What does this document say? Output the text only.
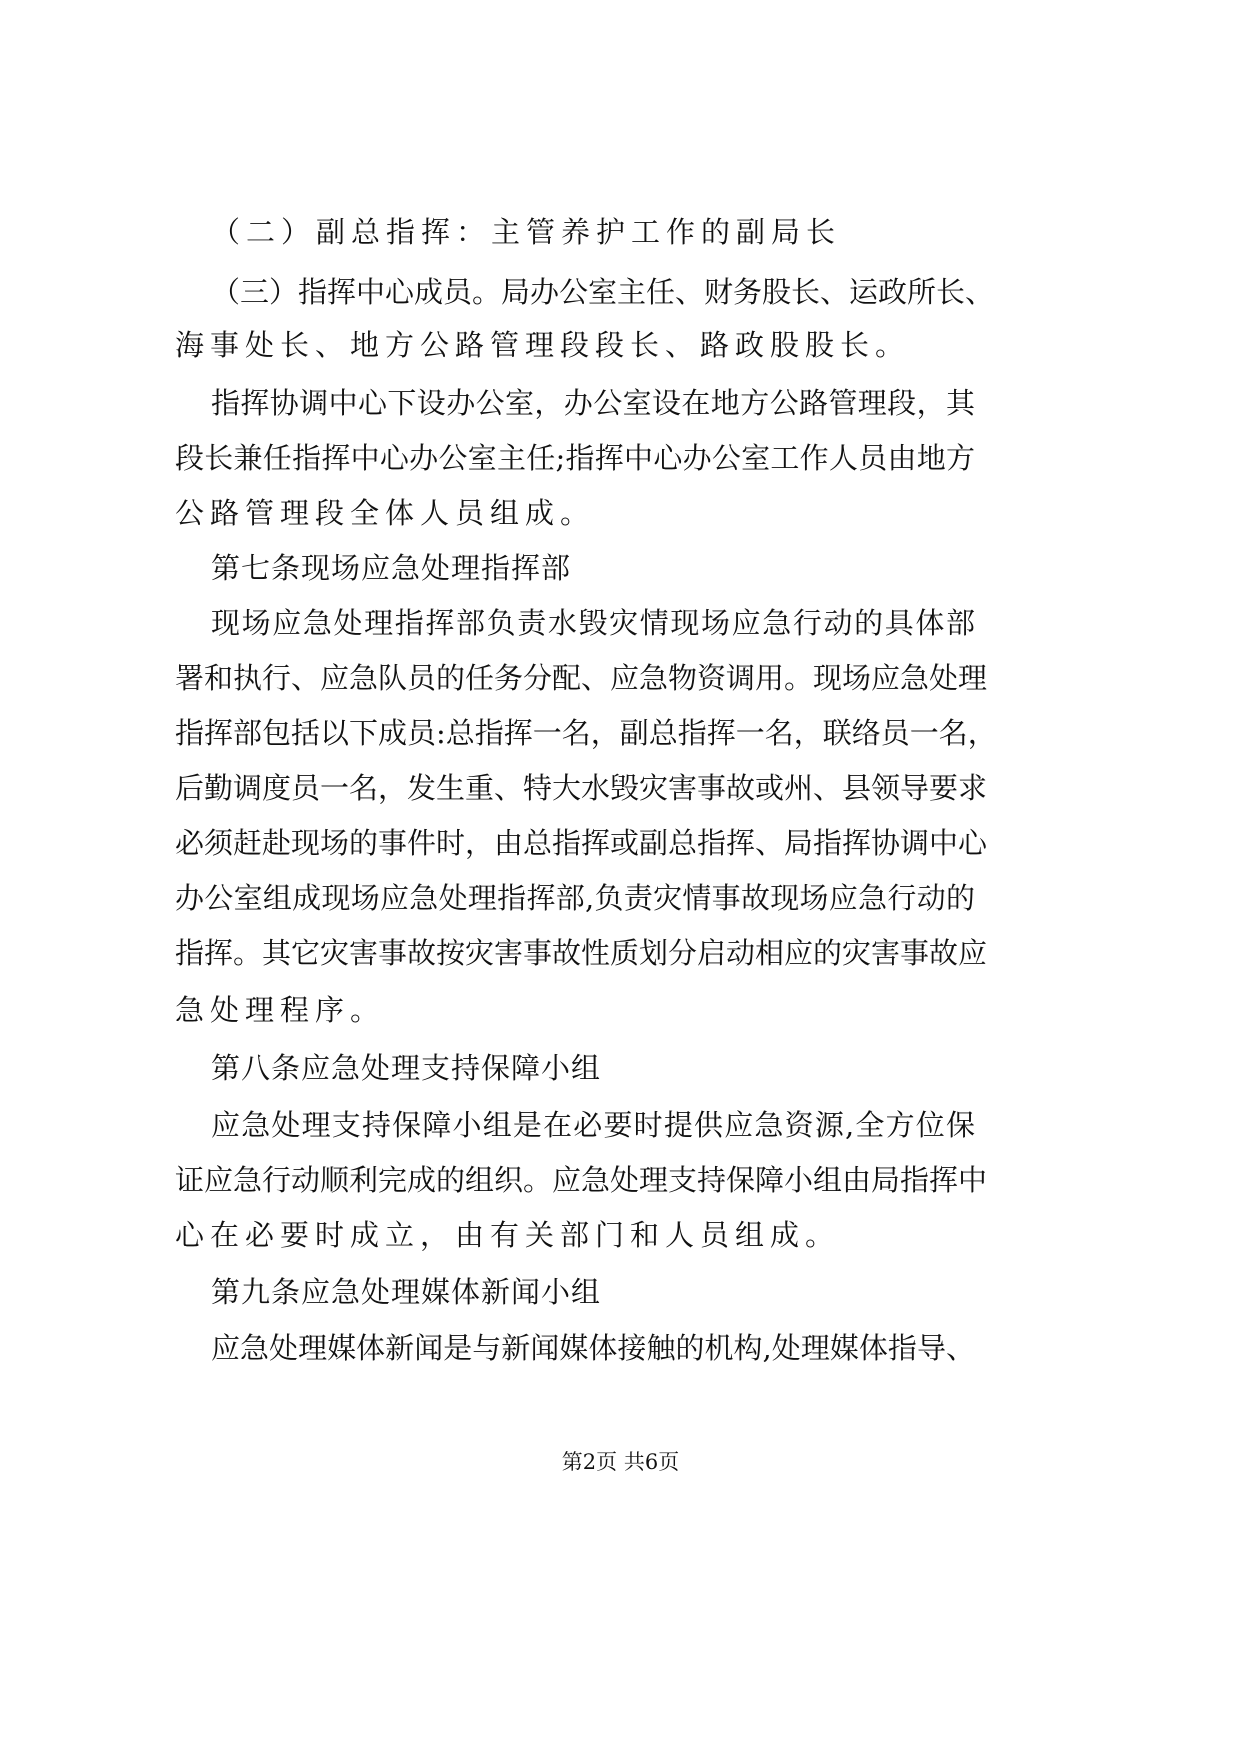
（二）副总指挥：主管养护工作的副局长
（三）指挥中心成员。局办公室主任、财务股长、运政所长、
海事处长、地方公路管理段段长、路政股股长。
指挥协调中心下设办公室，办公室设在地方公路管理段，其
段长兼任指挥中心办公室主任;指挥中心办公室工作人员由地方
公路管理段全体人员组成。
第七条现场应急处理指挥部
现场应急处理指挥部负责水毁灾情现场应急行动的具体部
署和执行、应急队员的任务分配、应急物资调用。现场应急处理
指挥部包括以下成员:总指挥一名，副总指挥一名，联络员一名，
后勤调度员一名，发生重、特大水毁灾害事故或州、县领导要求
必须赶赴现场的事件时，由总指挥或副总指挥、局指挥协调中心
办公室组成现场应急处理指挥部,负责灾情事故现场应急行动的
指挥。其它灾害事故按灾害事故性质划分启动相应的灾害事故应
急处理程序。
第八条应急处理支持保障小组
应急处理支持保障小组是在必要时提供应急资源,全方位保
证应急行动顺利完成的组织。应急处理支持保障小组由局指挥中
心在必要时成立，由有关部门和人员组成。
第九条应急处理媒体新闻小组
应急处理媒体新闻是与新闻媒体接触的机构,处理媒体指导、
第2页 共6页
